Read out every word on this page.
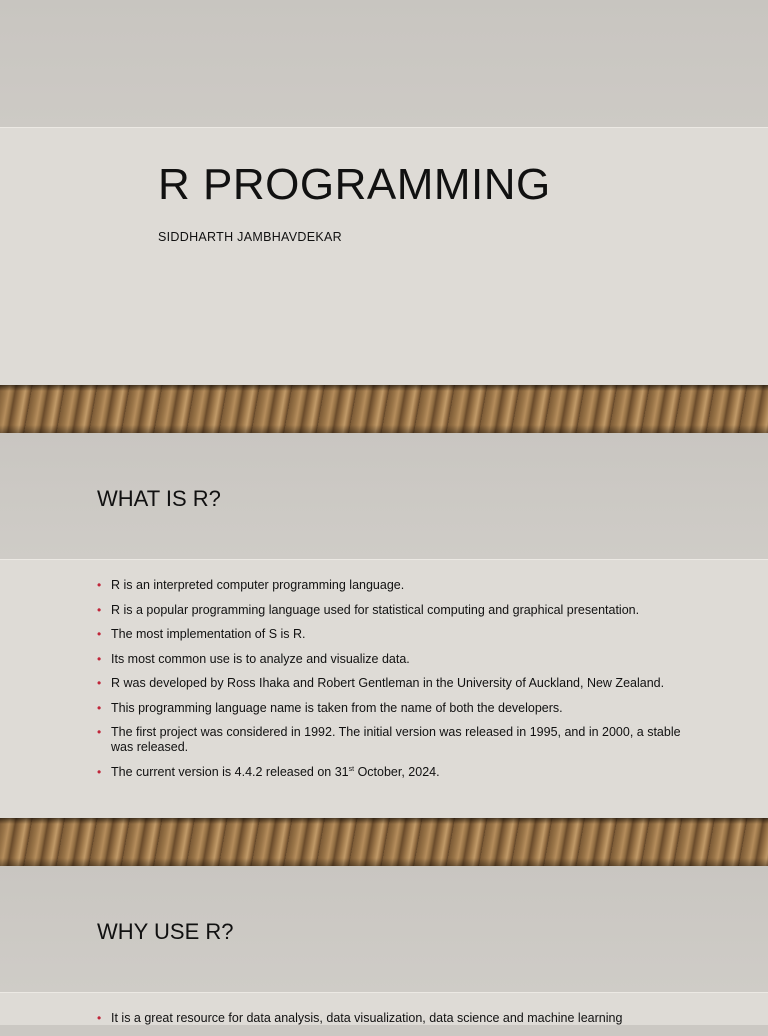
R PROGRAMMING
SIDDHARTH JAMBHAVDEKAR
WHAT IS R?
• R is an interpreted computer programming language.
• R is a popular programming language used for statistical computing and graphical presentation.
• The most implementation of S is R.
• Its most common use is to analyze and visualize data.
• R was developed by Ross Ihaka and Robert Gentleman in the University of Auckland, New Zealand.
• This programming language name is taken from the name of both the developers.
• The first project was considered in 1992. The initial version was released in 1995, and in 2000, a stable was released.
• The current version is 4.4.2 released on 31st October, 2024.
WHY USE R?
• It is a great resource for data analysis, data visualization, data science and machine learning
